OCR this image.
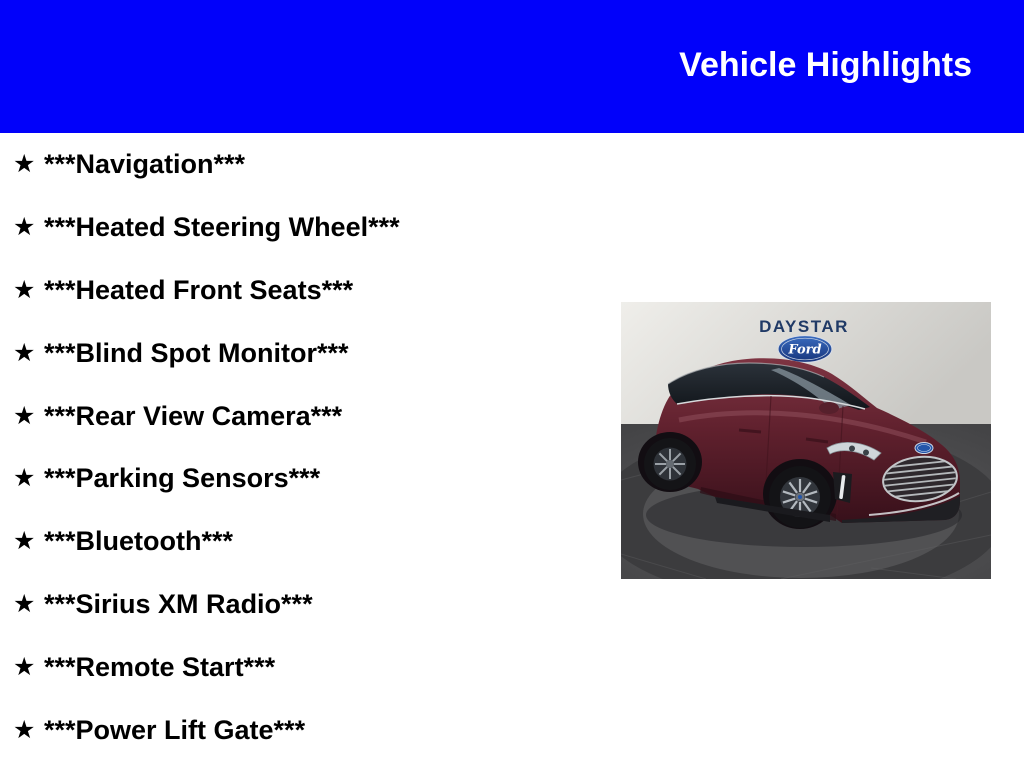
Vehicle Highlights
★ ***Navigation***
★ ***Heated Steering Wheel***
★ ***Heated Front Seats***
★ ***Blind Spot Monitor***
★ ***Rear View Camera***
★ ***Parking Sensors***
★ ***Bluetooth***
★ ***Sirius XM Radio***
★ ***Remote Start***
★ ***Power Lift Gate***
DAYSTAR
Ford
